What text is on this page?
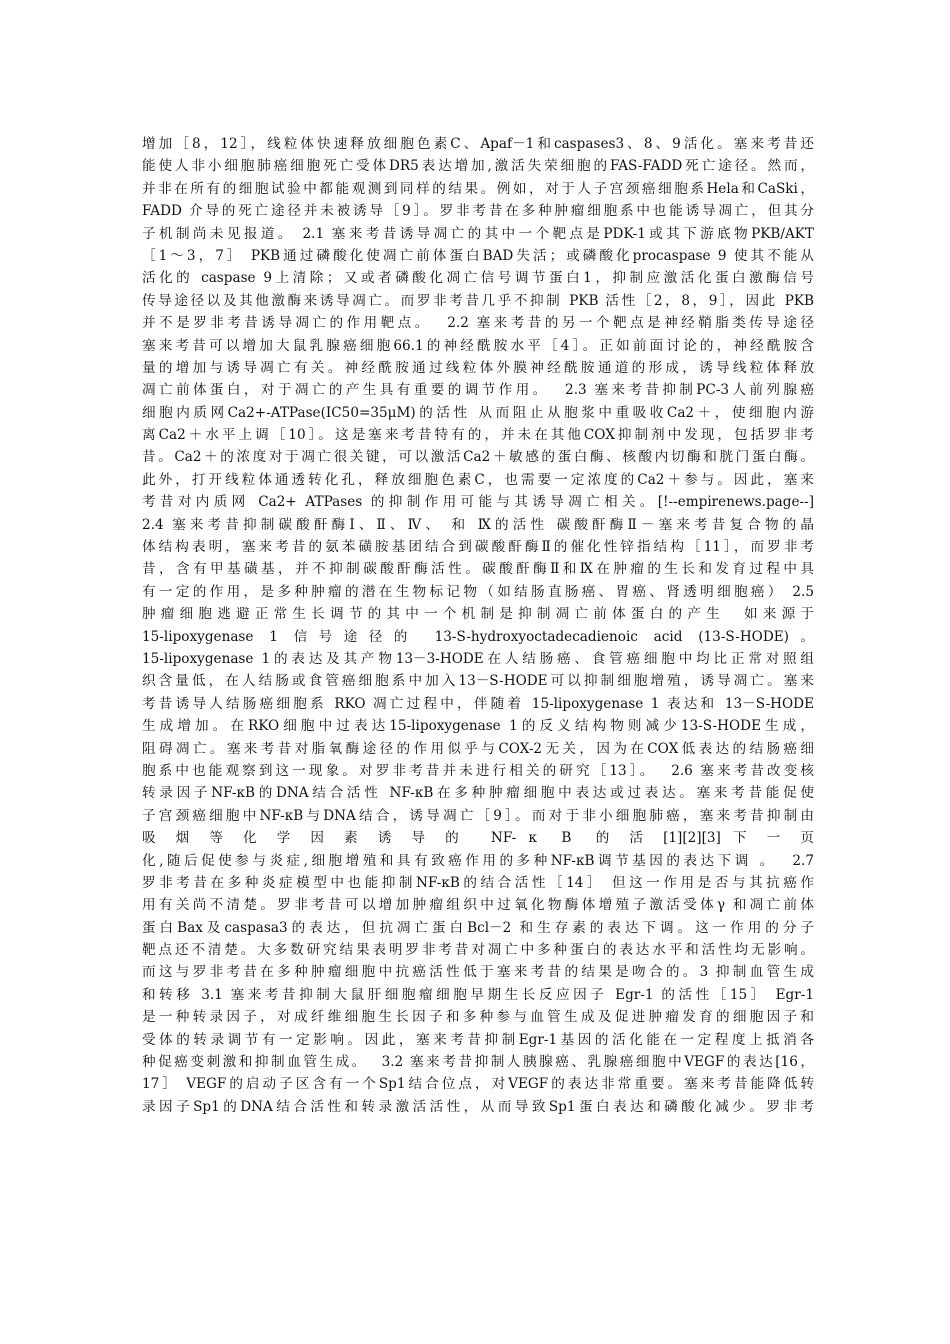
增加［8，12］，线粒体快速释放细胞色素C、Apaf－1和caspases3、8、9活化。塞来考昔还
能使人非小细胞肺癌细胞死亡受体DR5表达增加,激活失荣细胞的FAS-FADD死亡途径。然而，
并非在所有的细胞试验中都能观测到同样的结果。例如，对于人子宫颈癌细胞系Hela和CaSki，
FADD 介导的死亡途径并未被诱导［9］。罗非考昔在多种肿瘤细胞系中也能诱导凋亡，但其分
子机制尚未见报道。 2.1 塞来考昔诱导凋亡的其中一个靶点是PDK-1或其下游底物PKB/AKT
［1～3，7］ PKB通过磷酸化使凋亡前体蛋白BAD失活；或磷酸化procaspase 9 使其不能从
活化的 caspase 9上清除；又或者磷酸化凋亡信号调节蛋白1，抑制应激活化蛋白激酶信号
传导途径以及其他激酶来诱导凋亡。而罗非考昔几乎不抑制 PKB 活性［2，8，9］，因此 PKB
并不是罗非考昔诱导凋亡的作用靶点。  2.2 塞来考昔的另一个靶点是神经鞘脂类传导途径
塞来考昔可以增加大鼠乳腺癌细胞66.1的神经酰胺水平［4］。正如前面讨论的，神经酰胺含
量的增加与诱导凋亡有关。神经酰胺通过线粒体外膜神经酰胺通道的形成，诱导线粒体释放
凋亡前体蛋白，对于凋亡的产生具有重要的调节作用。  2.3 塞来考昔抑制PC-3人前列腺癌
细胞内质网Ca2+-ATPase(IC50=35μM)的活性 从而阻止从胞浆中重吸收Ca2＋，使细胞内游
离Ca2＋水平上调［10］。这是塞来考昔特有的，并未在其他COX抑制剂中发现，包括罗非考
昔。Ca2＋的浓度对于凋亡很关键，可以激活Ca2＋敏感的蛋白酶、核酸内切酶和胱门蛋白酶。
此外，打开线粒体通透转化孔，释放细胞色素C，也需要一定浓度的Ca2＋参与。因此，塞来
考昔对内质网 Ca2+ ATPases 的抑制作用可能与其诱导凋亡相关。[!--empirenews.page--]
2.4 塞来考昔抑制碳酸酐酶Ⅰ、Ⅱ、Ⅳ、 和 Ⅸ的活性 碳酸酐酶Ⅱ－塞来考昔复合物的晶
体结构表明，塞来考昔的氨苯磺胺基团结合到碳酸酐酶Ⅱ的催化性锌指结构［11］，而罗非考
昔，含有甲基磺基，并不抑制碳酸酐酶活性。碳酸酐酶Ⅱ和Ⅸ在肿瘤的生长和发育过程中具
有一定的作用，是多种肿瘤的潜在生物标记物（如结肠直肠癌、胃癌、肾透明细胞癌） 2.5
肿瘤细胞逃避正常生长调节的其中一个机制是抑制凋亡前体蛋白的产生  如来源于
15-lipoxygenase 1 信号途径的 13-S-hydroxyoctadecadienoic acid (13-S-HODE)。
15-lipoxygenase 1的表达及其产物13－3-HODE在人结肠癌、食管癌细胞中均比正常对照组
织含量低，在人结肠或食管癌细胞系中加入13－S-HODE可以抑制细胞增殖，诱导凋亡。塞来
考昔诱导人结肠癌细胞系 RKO 凋亡过程中，伴随着 15-lipoxygenase 1 表达和 13－S-HODE
生成增加。在RKO细胞中过表达15-lipoxygenase 1的反义结构物则减少13-S-HODE生成，
阻碍凋亡。塞来考昔对脂氧酶途径的作用似乎与COX-2无关，因为在COX低表达的结肠癌细
胞系中也能观察到这一现象。对罗非考昔并未进行相关的研究［13］。  2.6 塞来考昔改变核
转录因子NF-κB的DNA结合活性 NF-κB在多种肿瘤细胞中表达或过表达。塞来考昔能促使
子宫颈癌细胞中NF-κB与DNA结合，诱导凋亡［9］。而对于非小细胞肺癌，塞来考昔抑制由
吸 烟 等 化 学 因 素 诱 导 的  NF- κ  B  的 活 [1][2][3] 下 一 页
化,随后促使参与炎症,细胞增殖和具有致癌作用的多种NF-κB调节基因的表达下调 。  2.7
罗非考昔在多种炎症模型中也能抑制NF-κB的结合活性［14］ 但这一作用是否与其抗癌作
用有关尚不清楚。罗非考昔可以增加肿瘤组织中过氧化物酶体增殖子激活受体γ 和凋亡前体
蛋白Bax及caspasa3的表达，但抗凋亡蛋白Bcl－2 和生存素的表达下调。这一作用的分子
靶点还不清楚。大多数研究结果表明罗非考昔对凋亡中多种蛋白的表达水平和活性均无影响。
而这与罗非考昔在多种肿瘤细胞中抗癌活性低于塞来考昔的结果是吻合的。3 抑制血管生成
和转移 3.1 塞来考昔抑制大鼠肝细胞瘤细胞早期生长反应因子 Egr-1 的活性［15］ Egr-1
是一种转录因子，对成纤维细胞生长因子和多种参与血管生成及促进肿瘤发育的细胞因子和
受体的转录调节有一定影响。因此，塞来考昔抑制Egr-1基因的活化能在一定程度上抵消各
种促癌变刺激和抑制血管生成。  3.2 塞来考昔抑制人胰腺癌、乳腺癌细胞中VEGF的表达[16，
17］ VEGF的启动子区含有一个Sp1结合位点，对VEGF的表达非常重要。塞来考昔能降低转
录因子Sp1的DNA结合活性和转录激活活性，从而导致Sp1蛋白表达和磷酸化减少。罗非考
